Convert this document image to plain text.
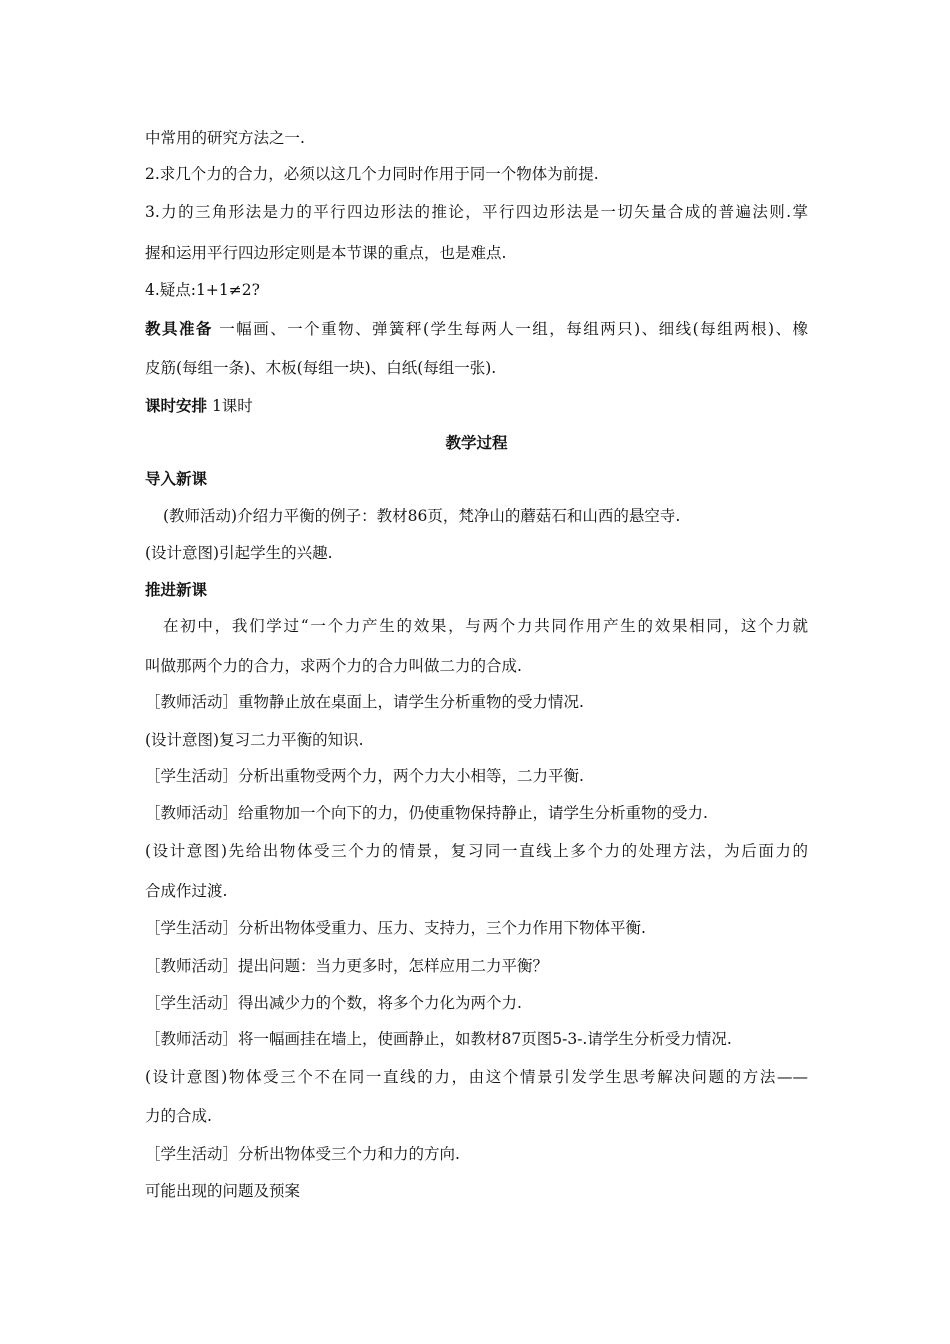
中常用的研究方法之一.
2.求几个力的合力，必须以这几个力同时作用于同一个物体为前提.
3.力的三角形法是力的平行四边形法的推论，平行四边形法是一切矢量合成的普遍法则.掌
握和运用平行四边形定则是本节课的重点，也是难点.
4.疑点:1+1≠2?
教具准备 一幅画、一个重物、弹簧秤(学生每两人一组，每组两只)、细线(每组两根)、橡
皮筋(每组一条)、木板(每组一块)、白纸(每组一张).
课时安排 1课时
教学过程
导入新课
(教师活动)介绍力平衡的例子：教材86页，梵净山的蘑菇石和山西的悬空寺.
(设计意图)引起学生的兴趣.
推进新课
在初中，我们学过“一个力产生的效果，与两个力共同作用产生的效果相同，这个力就
叫做那两个力的合力，求两个力的合力叫做二力的合成.
［教师活动］重物静止放在桌面上，请学生分析重物的受力情况.
(设计意图)复习二力平衡的知识.
［学生活动］分析出重物受两个力，两个力大小相等，二力平衡.
［教师活动］给重物加一个向下的力，仍使重物保持静止，请学生分析重物的受力.
(设计意图)先给出物体受三个力的情景，复习同一直线上多个力的处理方法，为后面力的
合成作过渡.
［学生活动］分析出物体受重力、压力、支持力，三个力作用下物体平衡.
［教师活动］提出问题：当力更多时，怎样应用二力平衡？
［学生活动］得出减少力的个数，将多个力化为两个力.
［教师活动］将一幅画挂在墙上，使画静止，如教材87页图5-3-.请学生分析受力情况.
(设计意图)物体受三个不在同一直线的力，由这个情景引发学生思考解决问题的方法——
力的合成.
［学生活动］分析出物体受三个力和力的方向.
可能出现的问题及预案
